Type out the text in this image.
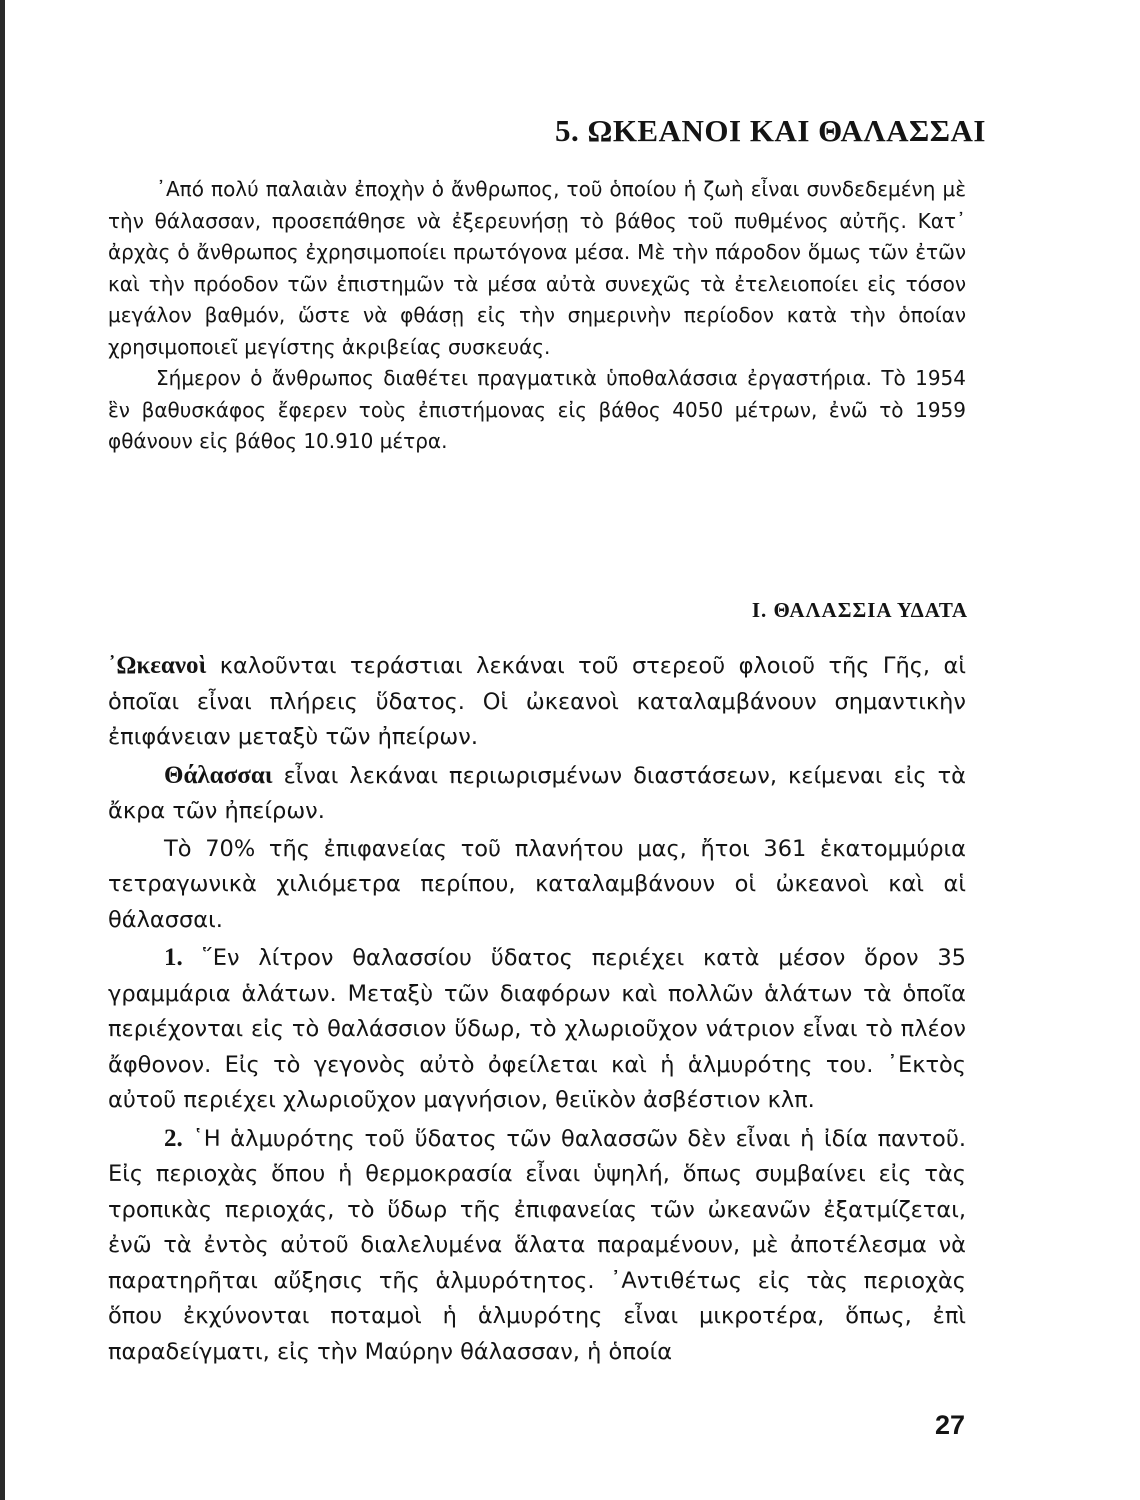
5. ΩΚΕΑΝΟΙ ΚΑΙ ΘΑΛΑΣΣΑΙ

᾽Από πολύ παλαιὰν ἐποχὴν ὁ ἄνθρωπος, τοῦ ὁποίου ἡ ζωὴ εἶναι συνδεδεμένη μὲ τὴν θάλασσαν, προσεπάθησε νὰ ἐξερευνήσῃ τὸ βάθος τοῦ πυθμένος αὐτῆς. Κατ᾽ ἀρχὰς ὁ ἄνθρωπος ἐχρησιμοποίει πρωτόγονα μέσα. Μὲ τὴν πάροδον ὅμως τῶν ἐτῶν καὶ τὴν πρόοδον τῶν ἐπιστημῶν τὰ μέσα αὐτὰ συνεχῶς τὰ ἐτελειοποίει εἰς τόσον μεγάλον βαθμόν, ὥστε νὰ φθάσῃ εἰς τὴν σημερινὴν περίοδον κατὰ τὴν ὁποίαν χρησιμοποιεῖ μεγίστης ἀκριβείας συσκευάς.

Σήμερον ὁ ἄνθρωπος διαθέτει πραγματικὰ ὑποθαλάσσια ἐργαστήρια. Τὸ 1954 ἓν βαθυσκάφος ἔφερεν τοὺς ἐπιστήμονας εἰς βάθος 4050 μέτρων, ἐνῶ τὸ 1959 φθάνουν εἰς βάθος 10.910 μέτρα.

Ι. ΘΑΛΑΣΣΙΑ ΥΔΑΤΑ

᾽Ωκεανοὶ καλοῦνται τεράστιαι λεκάναι τοῦ στερεοῦ φλοιοῦ τῆς Γῆς, αἱ ὁποῖαι εἶναι πλήρεις ὕδατος. Οἱ ὠκεανοὶ καταλαμβάνουν σημαντικὴν ἐπιφάνειαν μεταξὺ τῶν ἠπείρων.

Θάλασσαι εἶναι λεκάναι περιωρισμένων διαστάσεων, κείμεναι εἰς τὰ ἄκρα τῶν ἠπείρων.

Τὸ 70% τῆς ἐπιφανείας τοῦ πλανήτου μας, ἤτοι 361 ἑκατομμύρια τετραγωνικὰ χιλιόμετρα περίπου, καταλαμβάνουν οἱ ὠκεανοὶ καὶ αἱ θάλασσαι.

1. ῞Εν λίτρον θαλασσίου ὕδατος περιέχει κατὰ μέσον ὅρον 35 γραμμάρια ἁλάτων. Μεταξὺ τῶν διαφόρων καὶ πολλῶν ἁλάτων τὰ ὁποῖα περιέχονται εἰς τὸ θαλάσσιον ὕδωρ, τὸ χλωριοῦχον νάτριον εἶναι τὸ πλέον ἄφθονον. Εἰς τὸ γεγονὸς αὐτὸ ὀφείλεται καὶ ἡ ἁλμυρότης του. ᾽Εκτὸς αὐτοῦ περιέχει χλωριοῦχον μαγνήσιον, θειϊκὸν ἀσβέστιον κλπ.

2. ῾Η ἁλμυρότης τοῦ ὕδατος τῶν θαλασσῶν δὲν εἶναι ἡ ἰδία παντοῦ. Εἰς περιοχὰς ὅπου ἡ θερμοκρασία εἶναι ὑψηλή, ὅπως συμβαίνει εἰς τὰς τροπικὰς περιοχάς, τὸ ὕδωρ τῆς ἐπιφανείας τῶν ὠκεανῶν ἐξατμίζεται, ἐνῶ τὰ ἐντὸς αὐτοῦ διαλελυμένα ἅλατα παραμένουν, μὲ ἀποτέλεσμα νὰ παρατηρῆται αὔξησις τῆς ἁλμυρότητος. ᾽Αντιθέτως εἰς τὰς περιοχὰς ὅπου ἐκχύνονται ποταμοὶ ἡ ἁλμυρότης εἶναι μικροτέρα, ὅπως, ἐπὶ παραδείγματι, εἰς τὴν Μαύρην θάλασσαν, ἡ ὁποία

27
